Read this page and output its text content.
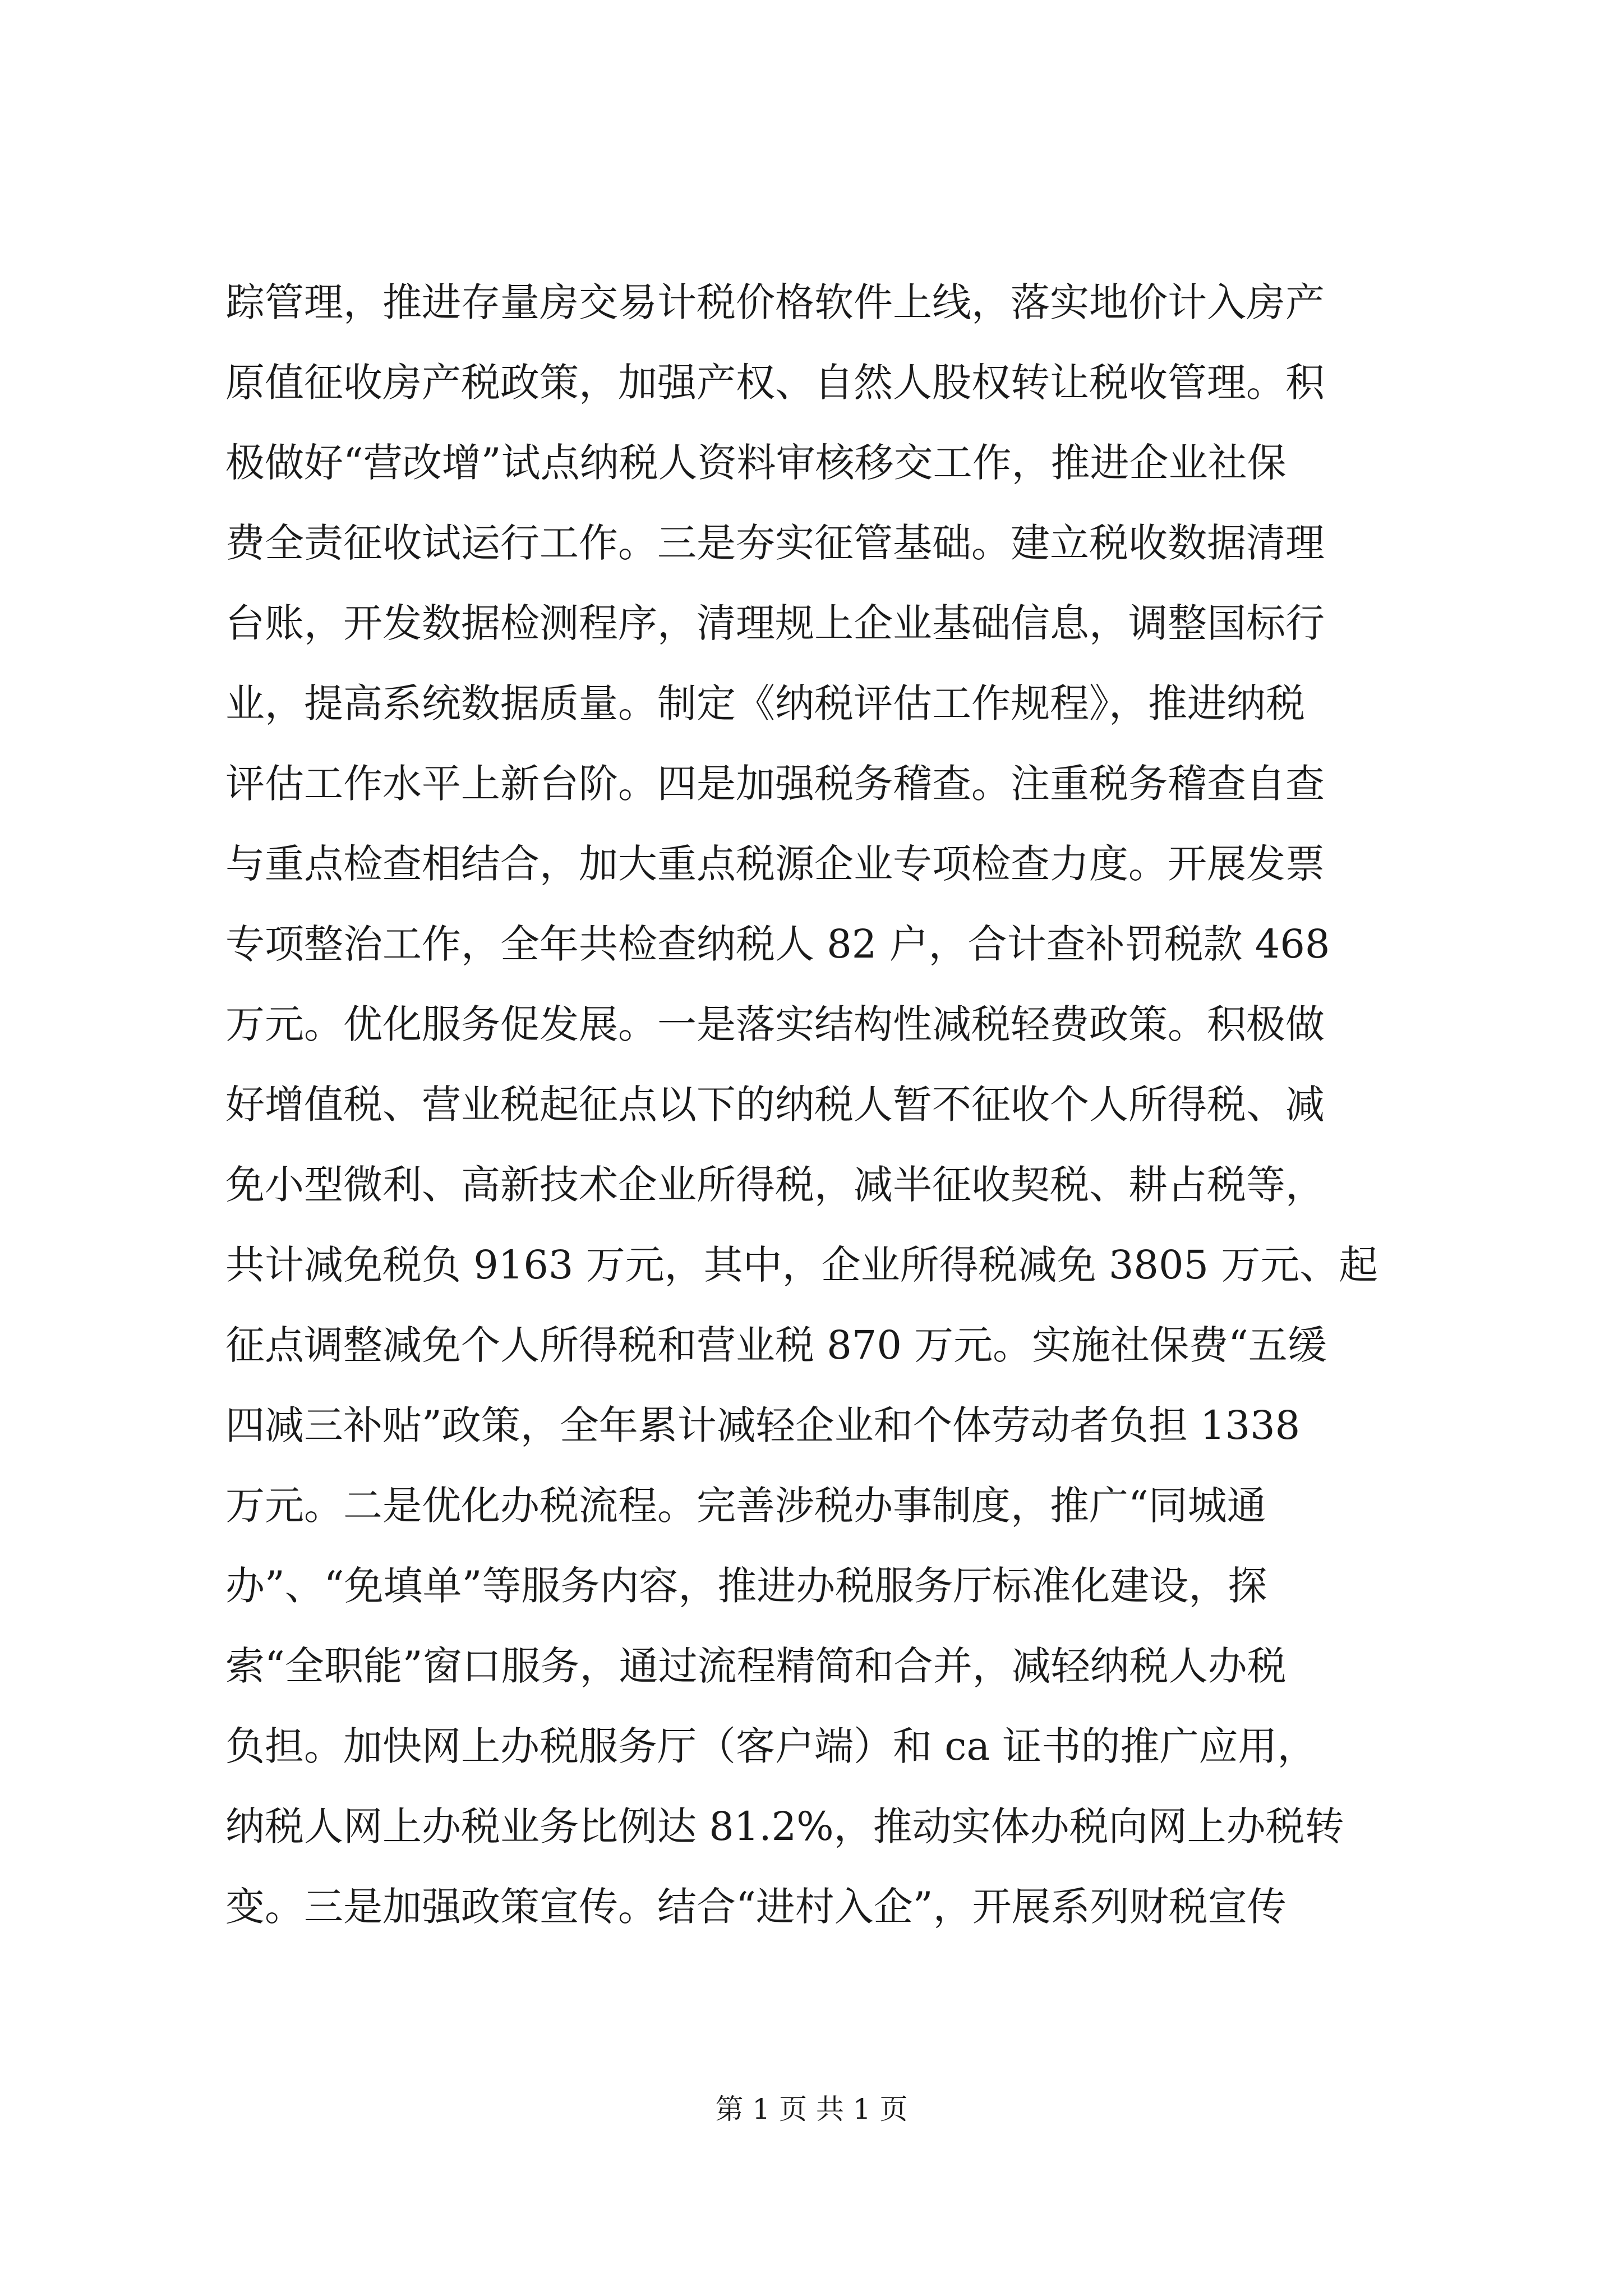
踪管理，推进存量房交易计税价格软件上线，落实地价计入房产
原值征收房产税政策，加强产权、自然人股权转让税收管理。积
极做好“营改增”试点纳税人资料审核移交工作，推进企业社保
费全责征收试运行工作。三是夯实征管基础。建立税收数据清理
台账，开发数据检测程序，清理规上企业基础信息，调整国标行
业，提高系统数据质量。制定《纳税评估工作规程》，推进纳税
评估工作水平上新台阶。四是加强税务稽查。注重税务稽查自查
与重点检查相结合，加大重点税源企业专项检查力度。开展发票
专项整治工作，全年共检查纳税人 82 户，合计查补罚税款 468
万元。优化服务促发展。一是落实结构性减税轻费政策。积极做
好增值税、营业税起征点以下的纳税人暂不征收个人所得税、减
免小型微利、高新技术企业所得税，减半征收契税、耕占税等，
共计减免税负 9163 万元，其中，企业所得税减免 3805 万元、起
征点调整减免个人所得税和营业税 870 万元。实施社保费“五缓
四减三补贴”政策，全年累计减轻企业和个体劳动者负担 1338
万元。二是优化办税流程。完善涉税办事制度，推广“同城通
办”、“免填单”等服务内容，推进办税服务厅标准化建设，探
索“全职能”窗口服务，通过流程精简和合并，减轻纳税人办税
负担。加快网上办税服务厅（客户端）和 ca 证书的推广应用，
纳税人网上办税业务比例达 81.2%，推动实体办税向网上办税转
变。三是加强政策宣传。结合“进村入企”，开展系列财税宣传
第 1 页 共 1 页
